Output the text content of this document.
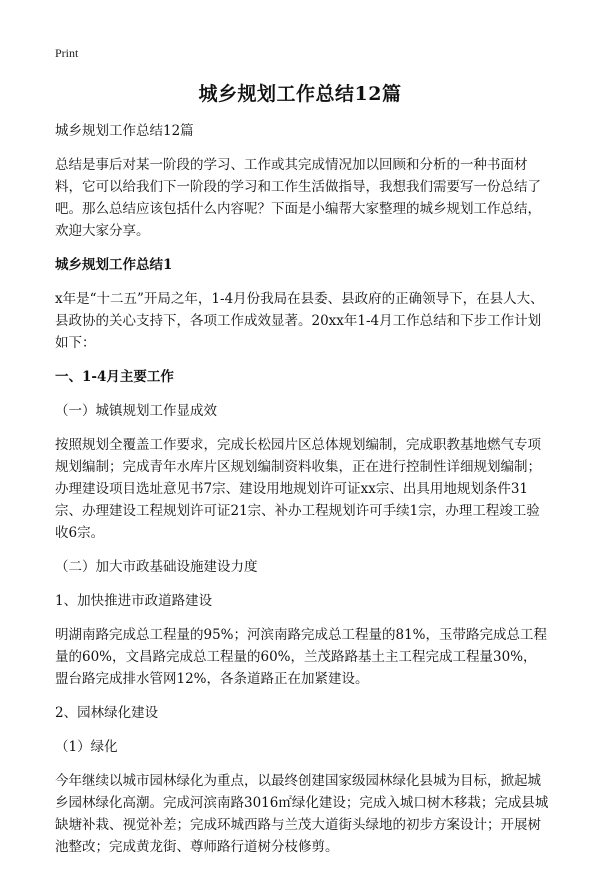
Print
城乡规划工作总结12篇

城乡规划工作总结12篇

总结是事后对某一阶段的学习、工作或其完成情况加以回顾和分析的一种书面材料，它可以给我们下一阶段的学习和工作生活做指导，我想我们需要写一份总结了吧。那么总结应该包括什么内容呢？下面是小编帮大家整理的城乡规划工作总结，欢迎大家分享。

城乡规划工作总结1

x年是“十二五”开局之年，1-4月份我局在县委、县政府的正确领导下，在县人大、县政协的关心支持下，各项工作成效显著。20xx年1-4月工作总结和下步工作计划如下：

一、1-4月主要工作

（一）城镇规划工作显成效

按照规划全覆盖工作要求，完成长松园片区总体规划编制，完成职教基地燃气专项规划编制；完成青年水库片区规划编制资料收集，正在进行控制性详细规划编制；办理建设项目选址意见书7宗、建设用地规划许可证xx宗、出具用地规划条件31宗、办理建设工程规划许可证21宗、补办工程规划许可手续1宗，办理工程竣工验收6宗。

（二）加大市政基础设施建设力度

1、加快推进市政道路建设

明湖南路完成总工程量的95%；河滨南路完成总工程量的81%，玉带路完成总工程量的60%，文昌路完成总工程量的60%，兰茂路路基土主工程完成工程量30%，盟台路完成排水管网12%，各条道路正在加紧建设。

2、园林绿化建设

（1）绿化

今年继续以城市园林绿化为重点，以最终创建国家级园林绿化县城为目标，掀起城乡园林绿化高潮。完成河滨南路3016㎡绿化建设；完成入城口树木移栽；完成县城缺塘补栽、视觉补差；完成环城西路与兰茂大道街头绿地的初步方案设计；开展树池整改；完成黄龙街、尊师路行道树分枝修剪。
